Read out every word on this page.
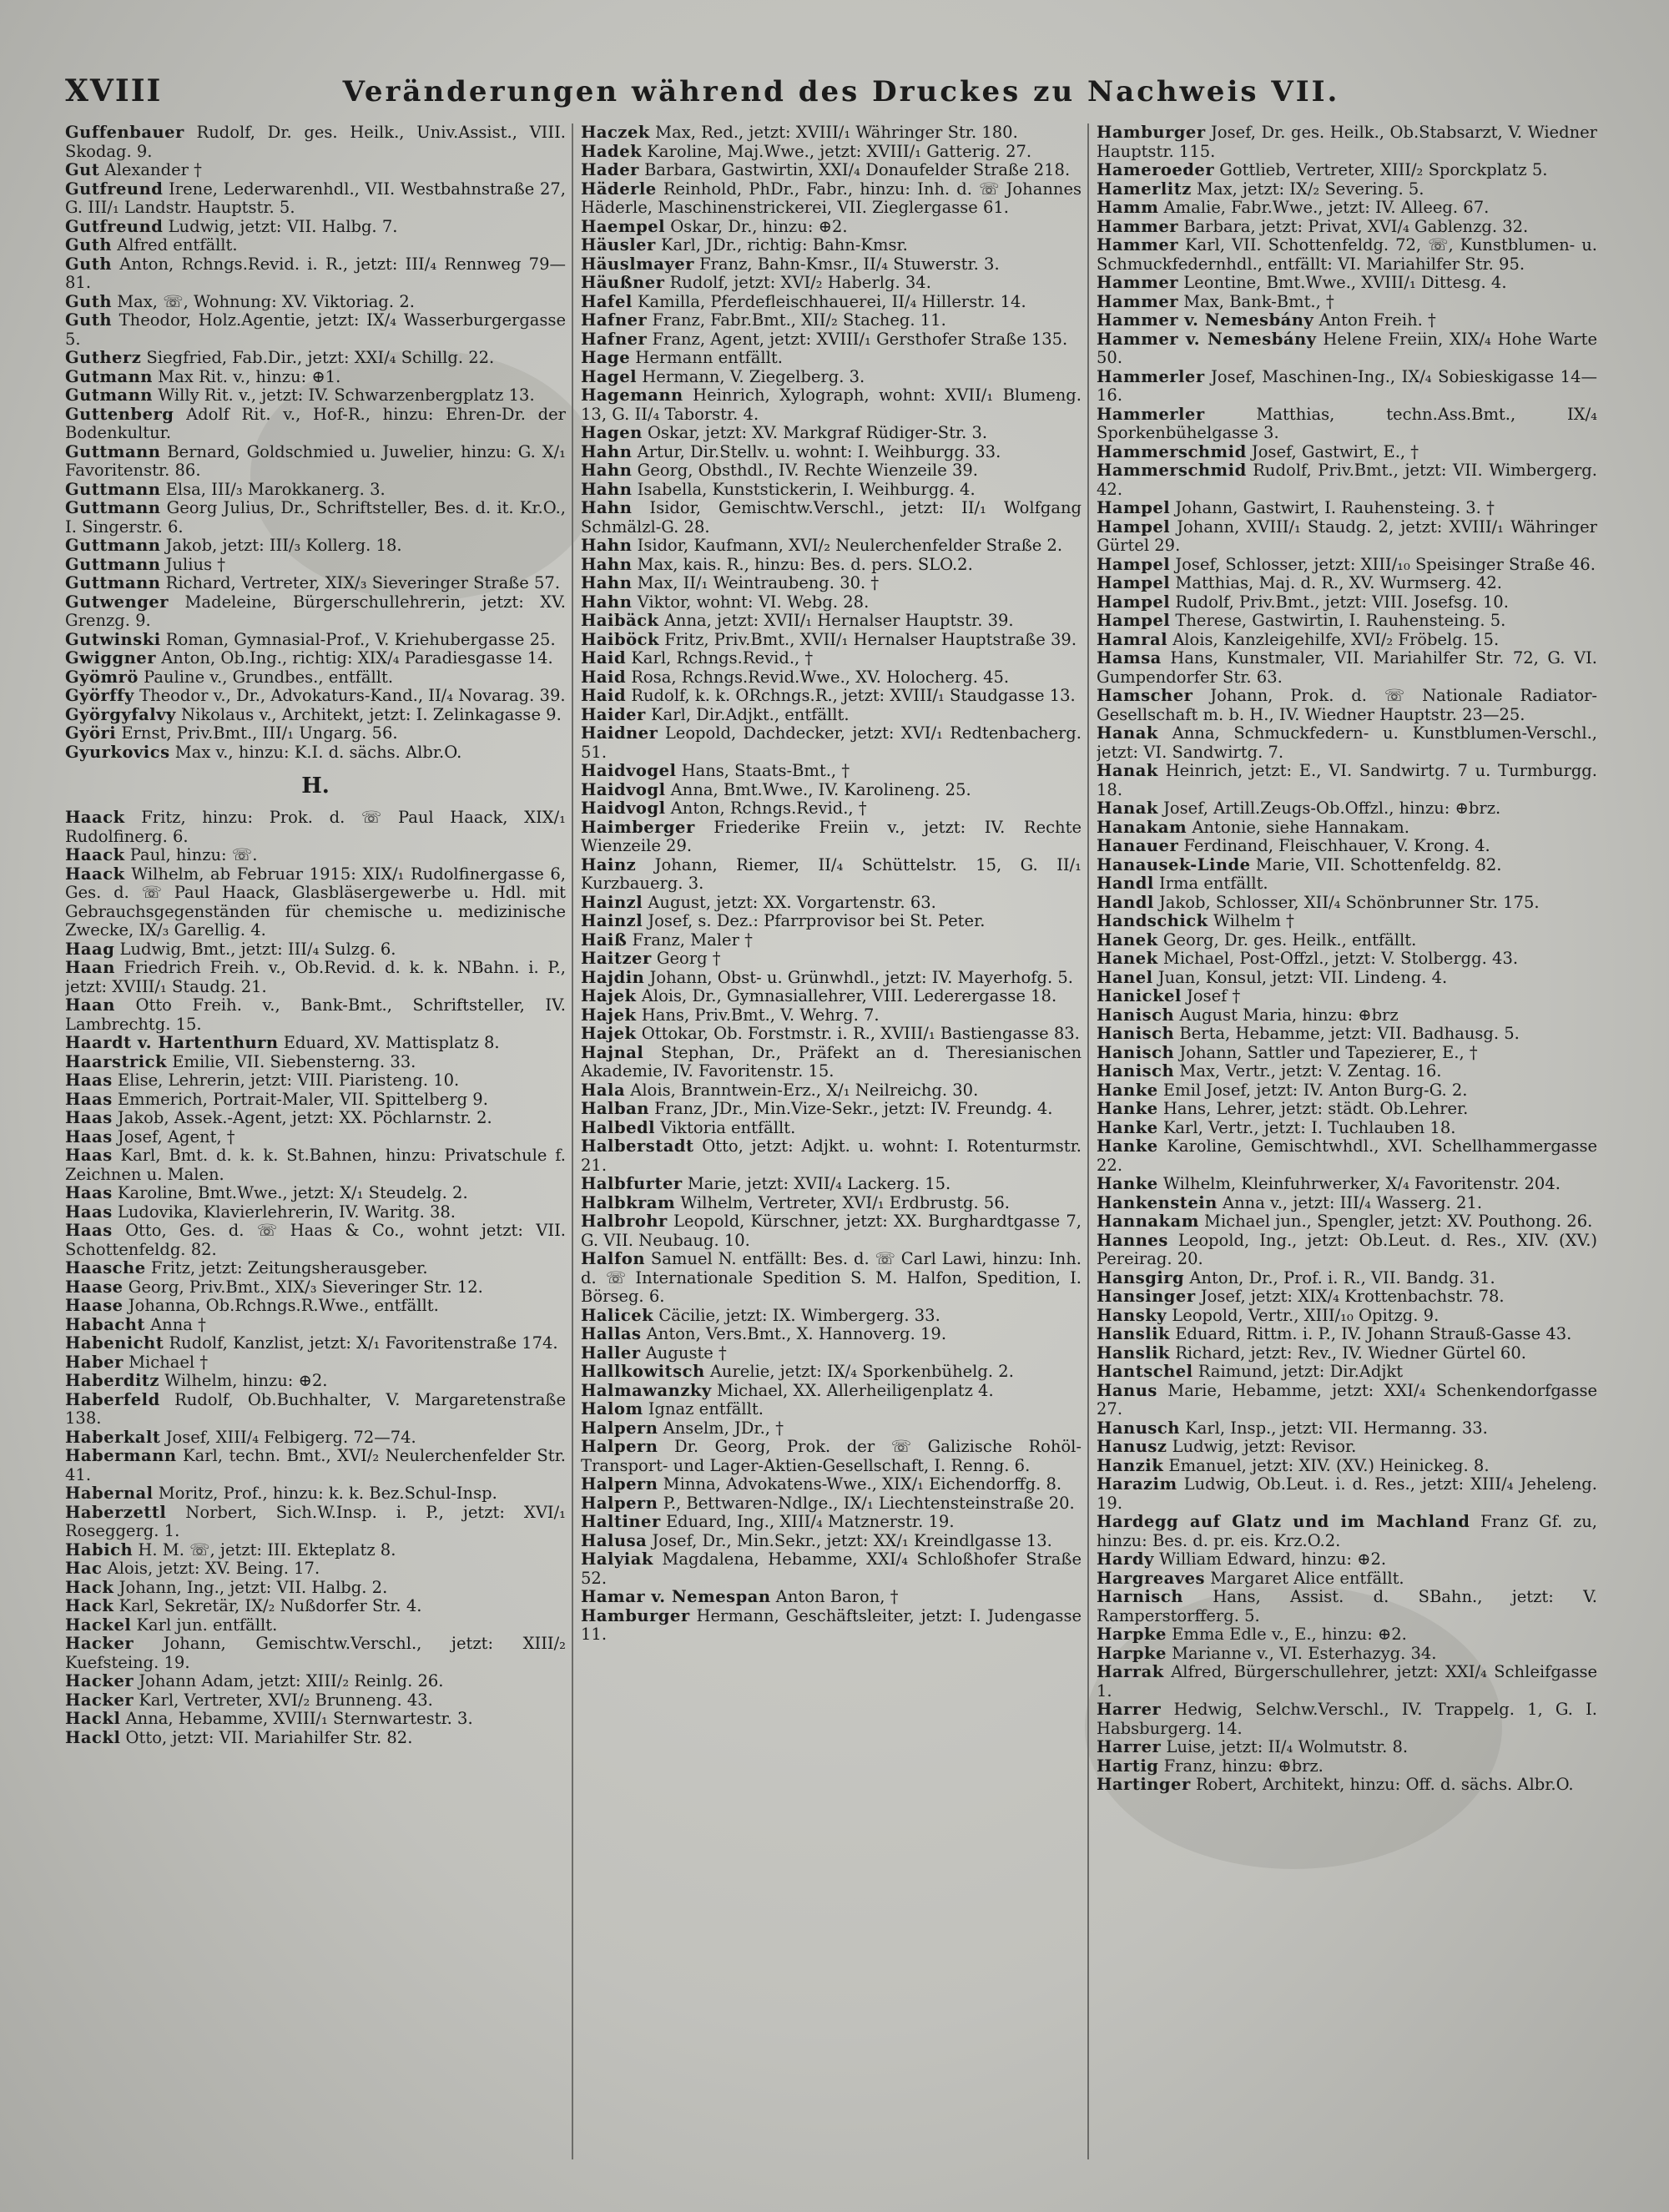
XVIII	Veränderungen während des Druckes zu Nachweis VII.

Guffenbauer Rudolf, Dr. ges. Heilk., Univ.Assist., VIII. Skodag. 9.

Gut Alexander †

Gutfreund Irene, Lederwarenhdl., VII. Westbahnstraße 27, G. III/₁ Landstr. Hauptstr. 5.

Gutfreund Ludwig, jetzt: VII. Halbg. 7.

Guth Alfred entfällt.

Guth Anton, Rchngs.Revid. i. R., jetzt: III/₄ Rennweg 79—81.

Guth Max, ☏, Wohnung: XV. Viktoriag. 2.

Guth Theodor, Holz.Agentie, jetzt: IX/₄ Wasserburgergasse 5.

Gutherz Siegfried, Fab.Dir., jetzt: XXI/₄ Schillg. 22.

Gutmann Max Rit. v., hinzu: ⊕1.

Gutmann Willy Rit. v., jetzt: IV. Schwarzenbergplatz 13.

Guttenberg Adolf Rit. v., Hof-R., hinzu: Ehren-Dr. der Bodenkultur.

Guttmann Bernard, Goldschmied u. Juwelier, hinzu: G. X/₁ Favoritenstr. 86.

Guttmann Elsa, III/₃ Marokkanerg. 3.

Guttmann Georg Julius, Dr., Schriftsteller, Bes. d. it. Kr.O., I. Singerstr. 6.

Guttmann Jakob, jetzt: III/₃ Kollerg. 18.

Guttmann Julius †

Guttmann Richard, Vertreter, XIX/₃ Sieveringer Straße 57.

Gutwenger Madeleine, Bürgerschullehrerin, jetzt: XV. Grenzg. 9.

Gutwinski Roman, Gymnasial-Prof., V. Kriehubergasse 25.

Gwiggner Anton, Ob.Ing., richtig: XIX/₄ Paradiesgasse 14.

Gyömrö Pauline v., Grundbes., entfällt.

Györffy Theodor v., Dr., Advokaturs-Kand., II/₄ Novarag. 39.

Györgyfalvy Nikolaus v., Architekt, jetzt: I. Zelinkagasse 9.

Györi Ernst, Priv.Bmt., III/₁ Ungarg. 56.

Gyurkovics Max v., hinzu: K.I. d. sächs. Albr.O.

H.

Haack Fritz, hinzu: Prok. d. ☏ Paul Haack, XIX/₁ Rudolfinerg. 6.

Haack Paul, hinzu: ☏.

Haack Wilhelm, ab Februar 1915: XIX/₁ Rudolfinergasse 6, Ges. d. ☏ Paul Haack, Glasbläsergewerbe u. Hdl. mit Gebrauchsgegenständen für chemische u. medizinische Zwecke, IX/₃ Garellig. 4.

Haag Ludwig, Bmt., jetzt: III/₄ Sulzg. 6.

Haan Friedrich Freih. v., Ob.Revid. d. k. k. NBahn. i. P., jetzt: XVIII/₁ Staudg. 21.

Haan Otto Freih. v., Bank-Bmt., Schriftsteller, IV. Lambrechtg. 15.

Haardt v. Hartenthurn Eduard, XV. Mattisplatz 8.

Haarstrick Emilie, VII. Siebensterng. 33.

Haas Elise, Lehrerin, jetzt: VIII. Piaristeng. 10.

Haas Emmerich, Portrait-Maler, VII. Spittelberg 9.

Haas Jakob, Assek.-Agent, jetzt: XX. Pöchlarnstr. 2.

Haas Josef, Agent, †

Haas Karl, Bmt. d. k. k. St.Bahnen, hinzu: Privatschule f. Zeichnen u. Malen.

Haas Karoline, Bmt.Wwe., jetzt: X/₁ Steudelg. 2.

Haas Ludovika, Klavierlehrerin, IV. Waritg. 38.

Haas Otto, Ges. d. ☏ Haas & Co., wohnt jetzt: VII. Schottenfeldg. 82.

Haasche Fritz, jetzt: Zeitungsherausgeber.

Haase Georg, Priv.Bmt., XIX/₃ Sieveringer Str. 12.

Haase Johanna, Ob.Rchngs.R.Wwe., entfällt.

Habacht Anna †

Habenicht Rudolf, Kanzlist, jetzt: X/₁ Favoritenstraße 174.

Haber Michael †

Haberditz Wilhelm, hinzu: ⊕2.

Haberfeld Rudolf, Ob.Buchhalter, V. Margaretenstraße 138.

Haberkalt Josef, XIII/₄ Felbigerg. 72—74.

Habermann Karl, techn. Bmt., XVI/₂ Neulerchenfelder Str. 41.

Habernal Moritz, Prof., hinzu: k. k. Bez.Schul-Insp.

Haberzettl Norbert, Sich.W.Insp. i. P., jetzt: XVI/₁ Roseggerg. 1.

Habich H. M. ☏, jetzt: III. Ekteplatz 8.

Hac Alois, jetzt: XV. Being. 17.

Hack Johann, Ing., jetzt: VII. Halbg. 2.

Hack Karl, Sekretär, IX/₂ Nußdorfer Str. 4.

Hackel Karl jun. entfällt.

Hacker Johann, Gemischtw.Verschl., jetzt: XIII/₂ Kuefsteing. 19.

Hacker Johann Adam, jetzt: XIII/₂ Reinlg. 26.

Hacker Karl, Vertreter, XVI/₂ Brunneng. 43.

Hackl Anna, Hebamme, XVIII/₁ Sternwartestr. 3.

Hackl Otto, jetzt: VII. Mariahilfer Str. 82.

Haczek Max, Red., jetzt: XVIII/₁ Währinger Str. 180.

Hadek Karoline, Maj.Wwe., jetzt: XVIII/₁ Gatterig. 27.

Hader Barbara, Gastwirtin, XXI/₄ Donaufelder Straße 218.

Häderle Reinhold, PhDr., Fabr., hinzu: Inh. d. ☏ Johannes Häderle, Maschinenstrickerei, VII. Zieglergasse 61.

Haempel Oskar, Dr., hinzu: ⊕2.

Häusler Karl, JDr., richtig: Bahn-Kmsr.

Häuslmayer Franz, Bahn-Kmsr., II/₄ Stuwerstr. 3.

Häußner Rudolf, jetzt: XVI/₂ Haberlg. 34.

Hafel Kamilla, Pferdefleischhauerei, II/₄ Hillerstr. 14.

Hafner Franz, Fabr.Bmt., XII/₂ Stacheg. 11.

Hafner Franz, Agent, jetzt: XVIII/₁ Gersthofer Straße 135.

Hage Hermann entfällt.

Hagel Hermann, V. Ziegelberg. 3.

Hagemann Heinrich, Xylograph, wohnt: XVII/₁ Blumeng. 13, G. II/₄ Taborstr. 4.

Hagen Oskar, jetzt: XV. Markgraf Rüdiger-Str. 3.

Hahn Artur, Dir.Stellv. u. wohnt: I. Weihburgg. 33.

Hahn Georg, Obsthdl., IV. Rechte Wienzeile 39.

Hahn Isabella, Kunststickerin, I. Weihburgg. 4.

Hahn Isidor, Gemischtw.Verschl., jetzt: II/₁ Wolfgang Schmälzl-G. 28.

Hahn Isidor, Kaufmann, XVI/₂ Neulerchenfelder Straße 2.

Hahn Max, kais. R., hinzu: Bes. d. pers. SLO.2.

Hahn Max, II/₁ Weintraubeng. 30. †

Hahn Viktor, wohnt: VI. Webg. 28.

Haibäck Anna, jetzt: XVII/₁ Hernalser Hauptstr. 39.

Haiböck Fritz, Priv.Bmt., XVII/₁ Hernalser Hauptstraße 39.

Haid Karl, Rchngs.Revid., †

Haid Rosa, Rchngs.Revid.Wwe., XV. Holocherg. 45.

Haid Rudolf, k. k. ORchngs.R., jetzt: XVIII/₁ Staudgasse 13.

Haider Karl, Dir.Adjkt., entfällt.

Haidner Leopold, Dachdecker, jetzt: XVI/₁ Redtenbacherg. 51.

Haidvogel Hans, Staats-Bmt., †

Haidvogl Anna, Bmt.Wwe., IV. Karolineng. 25.

Haidvogl Anton, Rchngs.Revid., †

Haimberger Friederike Freiin v., jetzt: IV. Rechte Wienzeile 29.

Hainz Johann, Riemer, II/₄ Schüttelstr. 15, G. II/₁ Kurzbauerg. 3.

Hainzl August, jetzt: XX. Vorgartenstr. 63.

Hainzl Josef, s. Dez.: Pfarrprovisor bei St. Peter.

Haiß Franz, Maler †

Haitzer Georg †

Hajdin Johann, Obst- u. Grünwhdl., jetzt: IV. Mayerhofg. 5.

Hajek Alois, Dr., Gymnasiallehrer, VIII. Lederergasse 18.

Hajek Hans, Priv.Bmt., V. Wehrg. 7.

Hajek Ottokar, Ob. Forstmstr. i. R., XVIII/₁ Bastiengasse 83.

Hajnal Stephan, Dr., Präfekt an d. Theresianischen Akademie, IV. Favoritenstr. 15.

Hala Alois, Branntwein-Erz., X/₁ Neilreichg. 30.

Halban Franz, JDr., Min.Vize-Sekr., jetzt: IV. Freundg. 4.

Halbedl Viktoria entfällt.

Halberstadt Otto, jetzt: Adjkt. u. wohnt: I. Rotenturmstr. 21.

Halbfurter Marie, jetzt: XVII/₄ Lackerg. 15.

Halbkram Wilhelm, Vertreter, XVI/₁ Erdbrustg. 56.

Halbrohr Leopold, Kürschner, jetzt: XX. Burghardtgasse 7, G. VII. Neubaug. 10.

Halfon Samuel N. entfällt: Bes. d. ☏ Carl Lawi, hinzu: Inh. d. ☏ Internationale Spedition S. M. Halfon, Spedition, I. Börseg. 6.

Halicek Cäcilie, jetzt: IX. Wimbergerg. 33.

Hallas Anton, Vers.Bmt., X. Hannoverg. 19.

Haller Auguste †

Hallkowitsch Aurelie, jetzt: IX/₄ Sporkenbühelg. 2.

Halmawanzky Michael, XX. Allerheiligenplatz 4.

Halom Ignaz entfällt.

Halpern Anselm, JDr., †

Halpern Dr. Georg, Prok. der ☏ Galizische Rohöl-Transport- und Lager-Aktien-Gesellschaft, I. Renng. 6.

Halpern Minna, Advokatens-Wwe., XIX/₁ Eichendorffg. 8.

Halpern P., Bettwaren-Ndlge., IX/₁ Liechtensteinstraße 20.

Haltiner Eduard, Ing., XIII/₄ Matznerstr. 19.

Halusa Josef, Dr., Min.Sekr., jetzt: XX/₁ Kreindlgasse 13.

Halyiak Magdalena, Hebamme, XXI/₄ Schloßhofer Straße 52.

Hamar v. Nemespan Anton Baron, †

Hamburger Hermann, Geschäftsleiter, jetzt: I. Judengasse 11.

Hamburger Josef, Dr. ges. Heilk., Ob.Stabsarzt, V. Wiedner Hauptstr. 115.

Hameroeder Gottlieb, Vertreter, XIII/₂ Sporckplatz 5.

Hamerlitz Max, jetzt: IX/₂ Severing. 5.

Hamm Amalie, Fabr.Wwe., jetzt: IV. Alleeg. 67.

Hammer Barbara, jetzt: Privat, XVI/₄ Gablenzg. 32.

Hammer Karl, VII. Schottenfeldg. 72, ☏, Kunstblumen- u. Schmuckfedernhdl., entfällt: VI. Mariahilfer Str. 95.

Hammer Leontine, Bmt.Wwe., XVIII/₁ Dittesg. 4.

Hammer Max, Bank-Bmt., †

Hammer v. Nemesbány Anton Freih. †

Hammer v. Nemesbány Helene Freiin, XIX/₄ Hohe Warte 50.

Hammerler Josef, Maschinen-Ing., IX/₄ Sobieskigasse 14—16.

Hammerler Matthias, techn.Ass.Bmt., IX/₄ Sporkenbühelgasse 3.

Hammerschmid Josef, Gastwirt, E., †

Hammerschmid Rudolf, Priv.Bmt., jetzt: VII. Wimbergerg. 42.

Hampel Johann, Gastwirt, I. Rauhensteing. 3. †

Hampel Johann, XVIII/₁ Staudg. 2, jetzt: XVIII/₁ Währinger Gürtel 29.

Hampel Josef, Schlosser, jetzt: XIII/₁₀ Speisinger Straße 46.

Hampel Matthias, Maj. d. R., XV. Wurmserg. 42.

Hampel Rudolf, Priv.Bmt., jetzt: VIII. Josefsg. 10.

Hampel Therese, Gastwirtin, I. Rauhensteing. 5.

Hamral Alois, Kanzleigehilfe, XVI/₂ Fröbelg. 15.

Hamsa Hans, Kunstmaler, VII. Mariahilfer Str. 72, G. VI. Gumpendorfer Str. 63.

Hamscher Johann, Prok. d. ☏ Nationale Radiator-Gesellschaft m. b. H., IV. Wiedner Hauptstr. 23—25.

Hanak Anna, Schmuckfedern- u. Kunstblumen-Verschl., jetzt: VI. Sandwirtg. 7.

Hanak Heinrich, jetzt: E., VI. Sandwirtg. 7 u. Turmburgg. 18.

Hanak Josef, Artill.Zeugs-Ob.Offzl., hinzu: ⊕brz.

Hanakam Antonie, siehe Hannakam.

Hanauer Ferdinand, Fleischhauer, V. Krong. 4.

Hanausek-Linde Marie, VII. Schottenfeldg. 82.

Handl Irma entfällt.

Handl Jakob, Schlosser, XII/₄ Schönbrunner Str. 175.

Handschick Wilhelm †

Hanek Georg, Dr. ges. Heilk., entfällt.

Hanek Michael, Post-Offzl., jetzt: V. Stolbergg. 43.

Hanel Juan, Konsul, jetzt: VII. Lindeng. 4.

Hanickel Josef †

Hanisch August Maria, hinzu: ⊕brz

Hanisch Berta, Hebamme, jetzt: VII. Badhausg. 5.

Hanisch Johann, Sattler und Tapezierer, E., †

Hanisch Max, Vertr., jetzt: V. Zentag. 16.

Hanke Emil Josef, jetzt: IV. Anton Burg-G. 2.

Hanke Hans, Lehrer, jetzt: städt. Ob.Lehrer.

Hanke Karl, Vertr., jetzt: I. Tuchlauben 18.

Hanke Karoline, Gemischtwhdl., XVI. Schellhammergasse 22.

Hanke Wilhelm, Kleinfuhrwerker, X/₄ Favoritenstr. 204.

Hankenstein Anna v., jetzt: III/₄ Wasserg. 21.

Hannakam Michael jun., Spengler, jetzt: XV. Pouthong. 26.

Hannes Leopold, Ing., jetzt: Ob.Leut. d. Res., XIV. (XV.) Pereirag. 20.

Hansgirg Anton, Dr., Prof. i. R., VII. Bandg. 31.

Hansinger Josef, jetzt: XIX/₄ Krottenbachstr. 78.

Hansky Leopold, Vertr., XIII/₁₀ Opitzg. 9.

Hanslik Eduard, Rittm. i. P., IV. Johann Strauß-Gasse 43.

Hanslik Richard, jetzt: Rev., IV. Wiedner Gürtel 60.

Hantschel Raimund, jetzt: Dir.Adjkt

Hanus Marie, Hebamme, jetzt: XXI/₄ Schenkendorfgasse 27.

Hanusch Karl, Insp., jetzt: VII. Hermanng. 33.

Hanusz Ludwig, jetzt: Revisor.

Hanzik Emanuel, jetzt: XIV. (XV.) Heinickeg. 8.

Harazim Ludwig, Ob.Leut. i. d. Res., jetzt: XIII/₄ Jeheleng. 19.

Hardegg auf Glatz und im Machland Franz Gf. zu, hinzu: Bes. d. pr. eis. Krz.O.2.

Hardy William Edward, hinzu: ⊕2.

Hargreaves Margaret Alice entfällt.

Harnisch Hans, Assist. d. SBahn., jetzt: V. Ramperstorfferg. 5.

Harpke Emma Edle v., E., hinzu: ⊕2.

Harpke Marianne v., VI. Esterhazyg. 34.

Harrak Alfred, Bürgerschullehrer, jetzt: XXI/₄ Schleifgasse 1.

Harrer Hedwig, Selchw.Verschl., IV. Trappelg. 1, G. I. Habsburgerg. 14.

Harrer Luise, jetzt: II/₄ Wolmutstr. 8.

Hartig Franz, hinzu: ⊕brz.

Hartinger Robert, Architekt, hinzu: Off. d. sächs. Albr.O.
